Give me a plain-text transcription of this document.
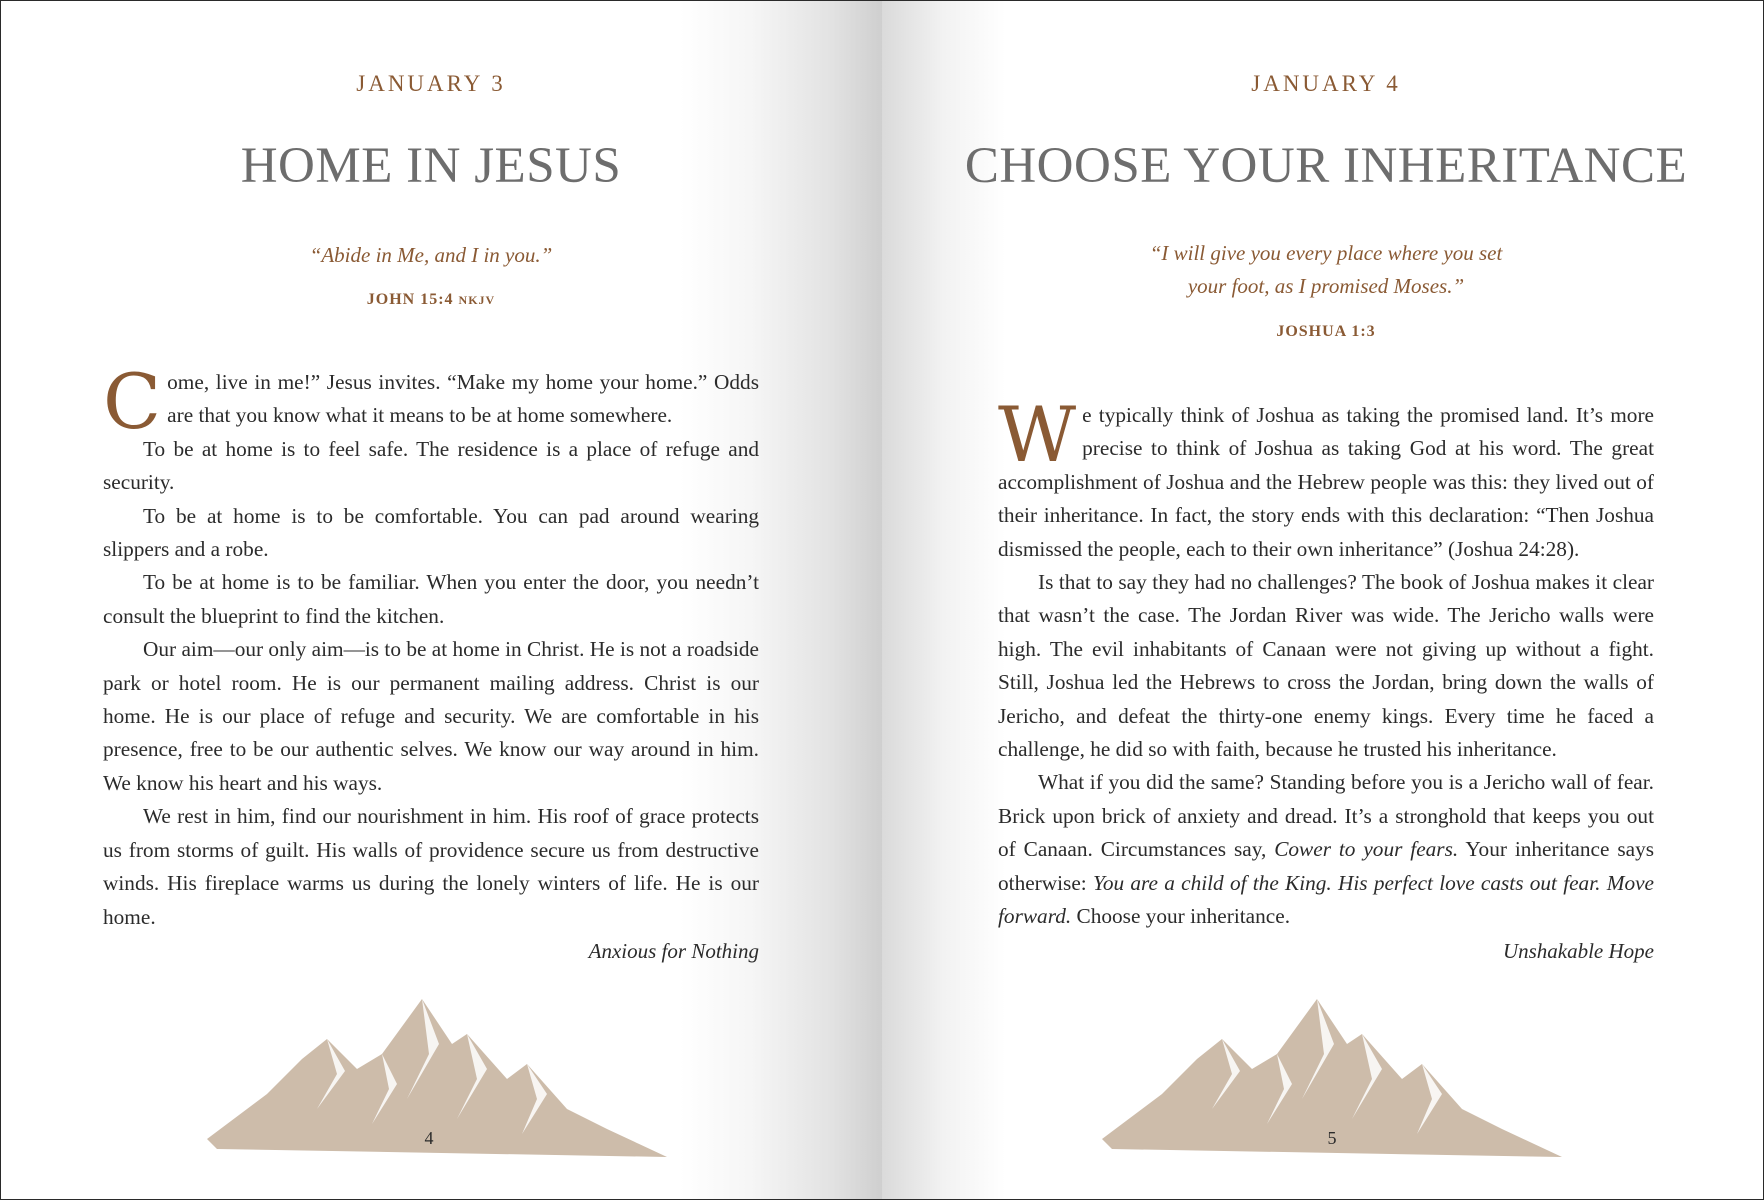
JANUARY 3
HOME IN JESUS
“Abide in Me, and I in you.”
JOHN 15:4 NKJV

Come, live in me!” Jesus invites. “Make my home your home.” Odds are that you know what it means to be at home somewhere.

To be at home is to feel safe. The residence is a place of refuge and security.

To be at home is to be comfortable. You can pad around wearing slippers and a robe.

To be at home is to be familiar. When you enter the door, you needn’t consult the blueprint to find the kitchen.

Our aim—our only aim—is to be at home in Christ. He is not a roadside park or hotel room. He is our permanent mailing address. Christ is our home. He is our place of refuge and security. We are comfortable in his presence, free to be our authentic selves. We know our way around in him. We know his heart and his ways.

We rest in him, find our nourishment in him. His roof of grace protects us from storms of guilt. His walls of providence secure us from destructive winds. His fireplace warms us during the lonely winters of life. He is our home.

Anxious for Nothing
4
JANUARY 4
CHOOSE YOUR INHERITANCE
“I will give you every place where you set
your foot, as I promised Moses.”
JOSHUA 1:3

We typically think of Joshua as taking the promised land. It’s more precise to think of Joshua as taking God at his word. The great accomplishment of Joshua and the Hebrew people was this: they lived out of their inheritance. In fact, the story ends with this declaration: “Then Joshua dismissed the people, each to their own inheritance” (Joshua 24:28).

Is that to say they had no challenges? The book of Joshua makes it clear that wasn’t the case. The Jordan River was wide. The Jericho walls were high. The evil inhabitants of Canaan were not giving up without a fight. Still, Joshua led the Hebrews to cross the Jordan, bring down the walls of Jericho, and defeat the thirty-one enemy kings. Every time he faced a challenge, he did so with faith, because he trusted his inheritance.

What if you did the same? Standing before you is a Jericho wall of fear. Brick upon brick of anxiety and dread. It’s a stronghold that keeps you out of Canaan. Circumstances say, Cower to your fears. Your inheritance says otherwise: You are a child of the King. His perfect love casts out fear. Move forward. Choose your inheritance.

Unshakable Hope
5
